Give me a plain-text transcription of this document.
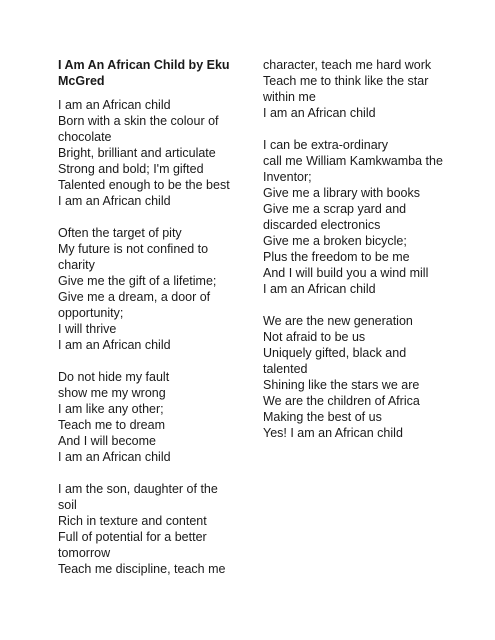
I Am An African Child by Eku McGred
I am an African child
Born with a skin the colour of chocolate
Bright, brilliant and articulate
Strong and bold; I'm gifted
Talented enough to be the best
I am an African child
Often the target of pity
My future is not confined to charity
Give me the gift of a lifetime;
Give me a dream, a door of opportunity;
I will thrive
I am an African child
Do not hide my fault
show me my wrong
I am like any other;
Teach me to dream
And I will become
I am an African child
I am the son, daughter of the soil
Rich in texture and content
Full of potential for a better tomorrow
Teach me discipline, teach me
character, teach me hard work
Teach me to think like the star within me
I am an African child
I can be extra-ordinary
call me William Kamkwamba the Inventor;
Give me a library with books
Give me a scrap yard and discarded electronics
Give me a broken bicycle;
Plus the freedom to be me
And I will build you a wind mill
I am an African child
We are the new generation
Not afraid to be us
Uniquely gifted, black and talented
Shining like the stars we are
We are the children of Africa
Making the best of us
Yes! I am an African child
